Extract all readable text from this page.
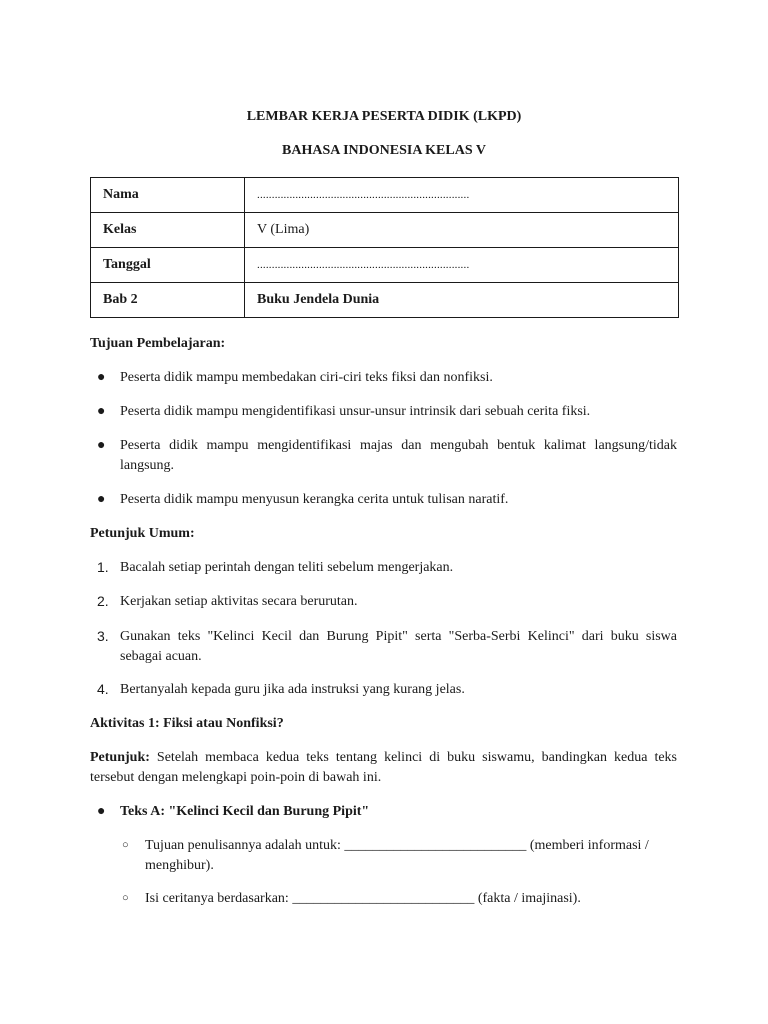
LEMBAR KERJA PESERTA DIDIK (LKPD)
BAHASA INDONESIA KELAS V
Nama	........................................................................
Kelas	V (Lima)
Tanggal	........................................................................
Bab 2	Buku Jendela Dunia
Tujuan Pembelajaran:
●	Peserta didik mampu membedakan ciri-ciri teks fiksi dan nonfiksi.
●	Peserta didik mampu mengidentifikasi unsur-unsur intrinsik dari sebuah cerita fiksi.
●	Peserta didik mampu mengidentifikasi majas dan mengubah bentuk kalimat langsung/tidak langsung.
●	Peserta didik mampu menyusun kerangka cerita untuk tulisan naratif.
Petunjuk Umum:
1. Bacalah setiap perintah dengan teliti sebelum mengerjakan.
2. Kerjakan setiap aktivitas secara berurutan.
3. Gunakan teks "Kelinci Kecil dan Burung Pipit" serta "Serba-Serbi Kelinci" dari buku siswa sebagai acuan.
4. Bertanyalah kepada guru jika ada instruksi yang kurang jelas.
Aktivitas 1: Fiksi atau Nonfiksi?
Petunjuk: Setelah membaca kedua teks tentang kelinci di buku siswamu, bandingkan kedua teks tersebut dengan melengkapi poin-poin di bawah ini.
●	Teks A: "Kelinci Kecil dan Burung Pipit"
○ Tujuan penulisannya adalah untuk: __________________________ (memberi informasi / menghibur).
○ Isi ceritanya berdasarkan: __________________________ (fakta / imajinasi).
